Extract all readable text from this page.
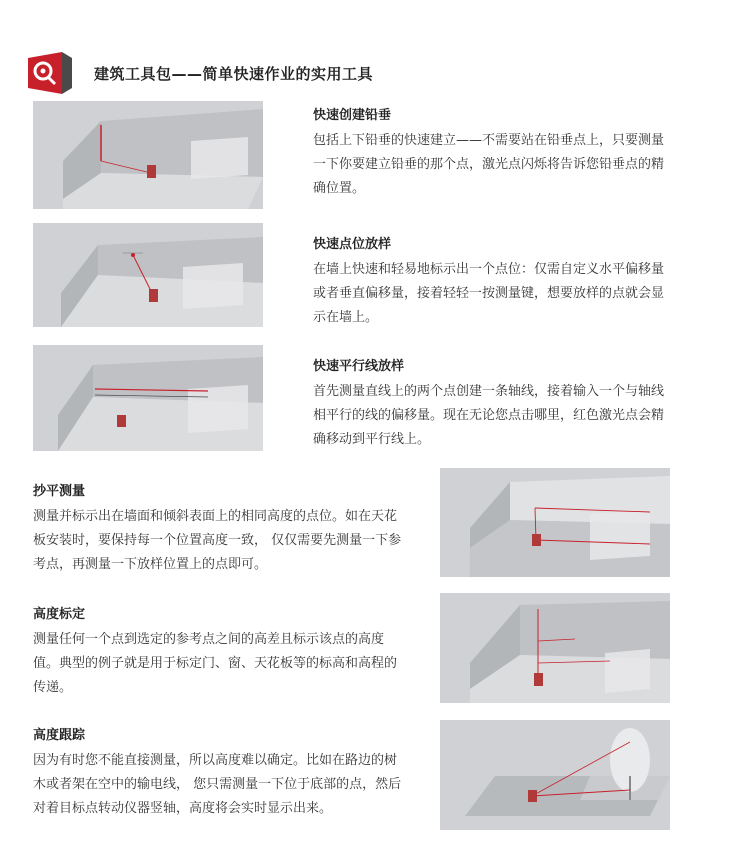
建筑工具包——简单快速作业的实用工具
快速创建铅垂
包括上下铅垂的快速建立——不需要站在铅垂点上，只要测量一下你要建立铅垂的那个点，激光点闪烁将告诉您铅垂点的精确位置。
快速点位放样
在墙上快速和轻易地标示出一个点位：仅需自定义水平偏移量或者垂直偏移量，接着轻轻一按测量键，想要放样的点就会显示在墙上。
快速平行线放样
首先测量直线上的两个点创建一条轴线，接着输入一个与轴线相平行的线的偏移量。现在无论您点击哪里，红色激光点会精确移动到平行线上。
抄平测量
测量并标示出在墙面和倾斜表面上的相同高度的点位。如在天花板安装时，要保持每一个位置高度一致， 仅仅需要先测量一下参考点，再测量一下放样位置上的点即可。
高度标定
测量任何一个点到选定的参考点之间的高差且标示该点的高度值。典型的例子就是用于标定门、窗、天花板等的标高和高程的传递。
高度跟踪
因为有时您不能直接测量，所以高度难以确定。比如在路边的树木或者架在空中的输电线， 您只需测量一下位于底部的点，然后对着目标点转动仪器竖轴，高度将会实时显示出来。
